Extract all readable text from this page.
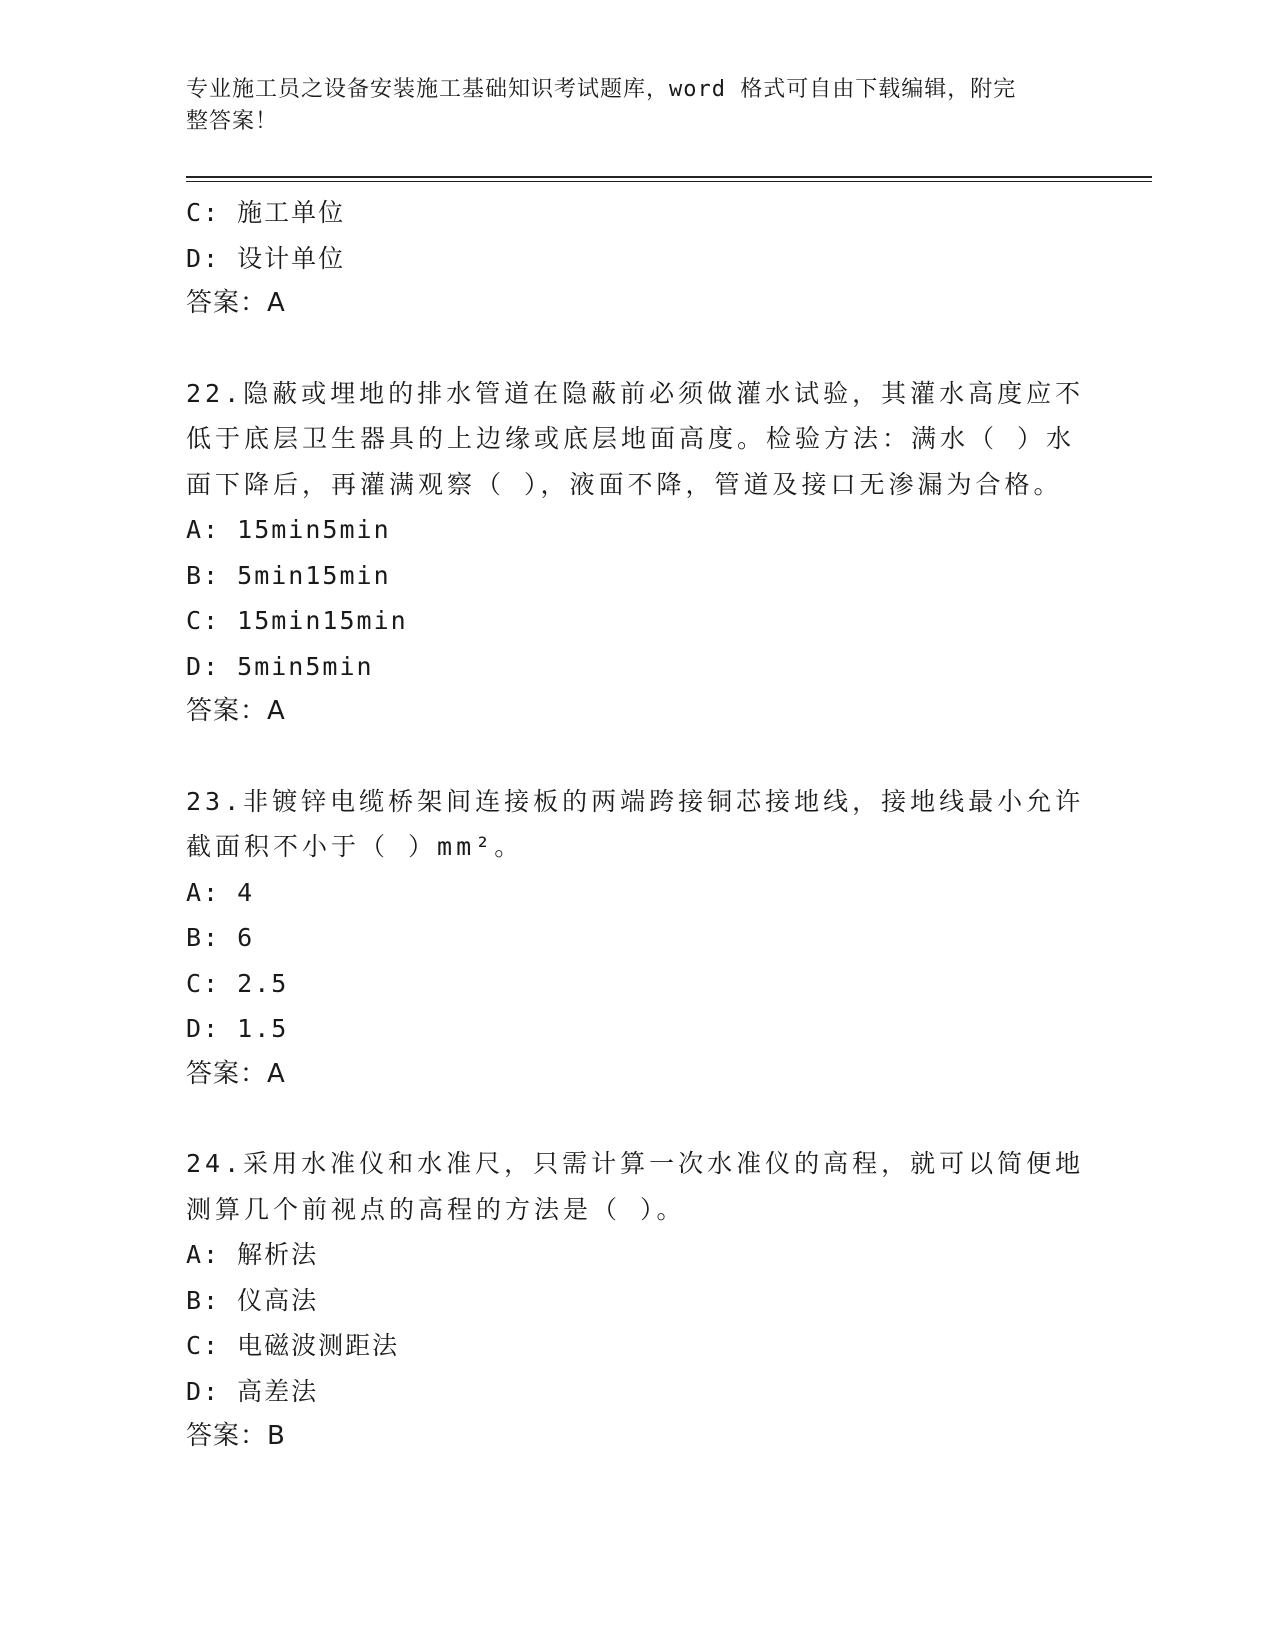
专业施工员之设备安装施工基础知识考试题库，word 格式可自由下载编辑，附完
整答案！
C: 施工单位
D: 设计单位
答案：A
22.隐蔽或埋地的排水管道在隐蔽前必须做灌水试验，其灌水高度应不
低于底层卫生器具的上边缘或底层地面高度。检验方法：满水（ ）水
面下降后，再灌满观察（ ），液面不降，管道及接口无渗漏为合格。
A: 15min5min
B: 5min15min
C: 15min15min
D: 5min5min
答案：A
23.非镀锌电缆桥架间连接板的两端跨接铜芯接地线，接地线最小允许
截面积不小于（ ）mm²。
A: 4
B: 6
C: 2.5
D: 1.5
答案：A
24.采用水准仪和水准尺，只需计算一次水准仪的高程，就可以简便地
测算几个前视点的高程的方法是（ ）。
A: 解析法
B: 仪高法
C: 电磁波测距法
D: 高差法
答案：B
